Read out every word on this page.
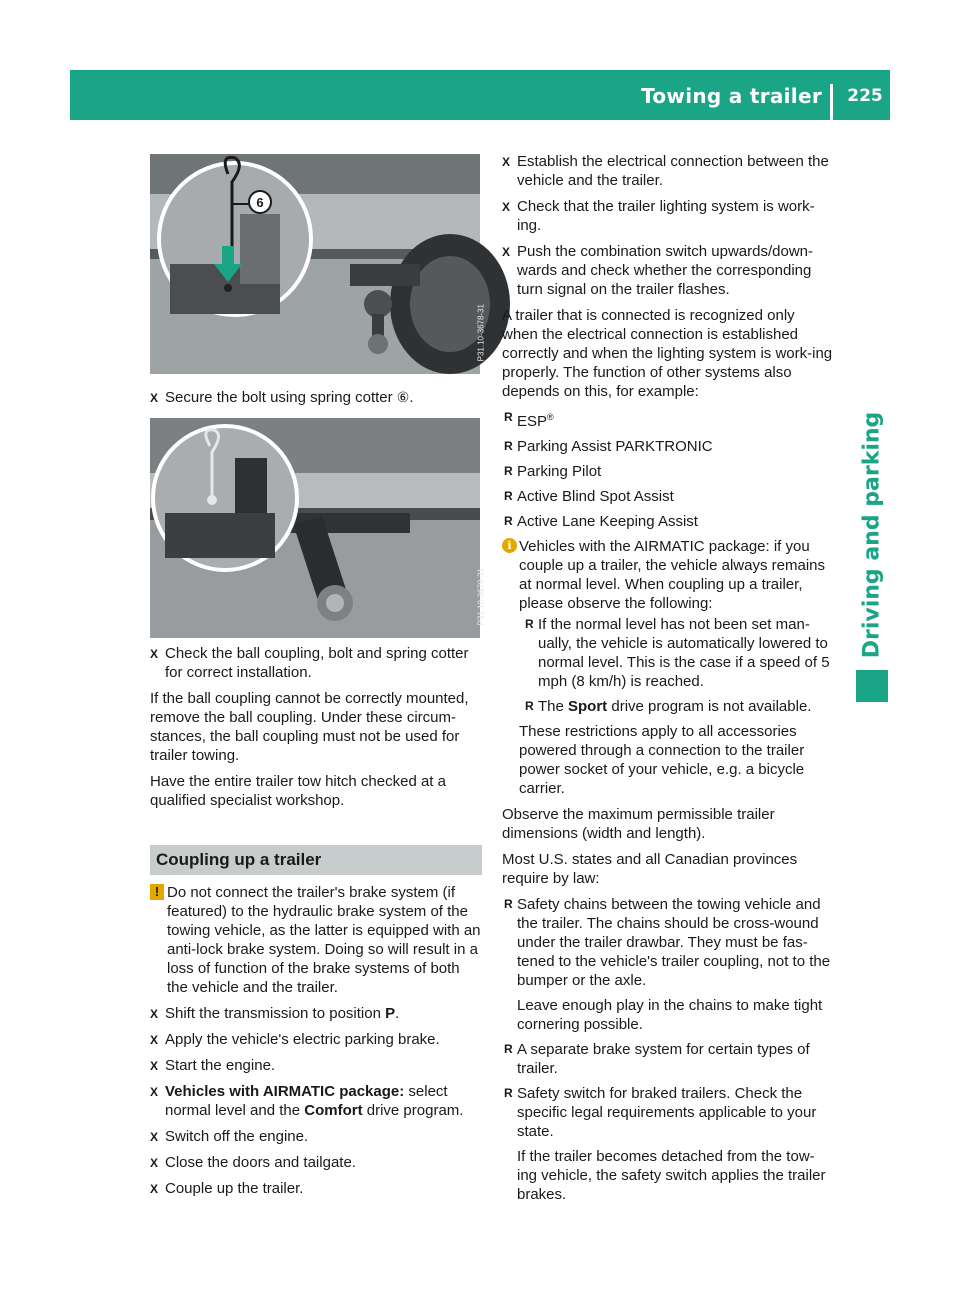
Towing a trailer	225
Driving and parking
6
P31.10-3678-31
P31.10-3679-31
X Secure the bolt using spring cotter ⑥.
X Check the ball coupling, bolt and spring cotter for correct installation.

If the ball coupling cannot be correctly mounted, remove the ball coupling. Under these circum-stances, the ball coupling must not be used for trailer towing.

Have the entire trailer tow hitch checked at a qualified specialist workshop.

Coupling up a trailer
! Do not connect the trailer's brake system (if featured) to the hydraulic brake system of the towing vehicle, as the latter is equipped with an anti-lock brake system. Doing so will result in a loss of function of the brake systems of both the vehicle and the trailer.
X Shift the transmission to position P.
X Apply the vehicle's electric parking brake.
X Start the engine.
X Vehicles with AIRMATIC package: select normal level and the Comfort drive program.
X Switch off the engine.
X Close the doors and tailgate.
X Couple up the trailer.
X Establish the electrical connection between the vehicle and the trailer.
X Check that the trailer lighting system is work-ing.
X Push the combination switch upwards/down-wards and check whether the corresponding turn signal on the trailer flashes.

A trailer that is connected is recognized only when the electrical connection is established correctly and when the lighting system is work-ing properly. The function of other systems also depends on this, for example:

R ESP®
R Parking Assist PARKTRONIC
R Parking Pilot
R Active Blind Spot Assist
R Active Lane Keeping Assist
i Vehicles with the AIRMATIC package: if you couple up a trailer, the vehicle always remains at normal level. When coupling up a trailer, please observe the following:
R If the normal level has not been set man-ually, the vehicle is automatically lowered to normal level. This is the case if a speed of 5 mph (8 km/h) is reached.
R The Sport drive program is not available.
These restrictions apply to all accessories powered through a connection to the trailer power socket of your vehicle, e.g. a bicycle carrier.

Observe the maximum permissible trailer dimensions (width and length).

Most U.S. states and all Canadian provinces require by law:

R Safety chains between the towing vehicle and the trailer. The chains should be cross-wound under the trailer drawbar. They must be fas-tened to the vehicle's trailer coupling, not to the bumper or the axle.
Leave enough play in the chains to make tight cornering possible.
R A separate brake system for certain types of trailer.
R Safety switch for braked trailers. Check the specific legal requirements applicable to your state.
If the trailer becomes detached from the tow-ing vehicle, the safety switch applies the trailer brakes.
